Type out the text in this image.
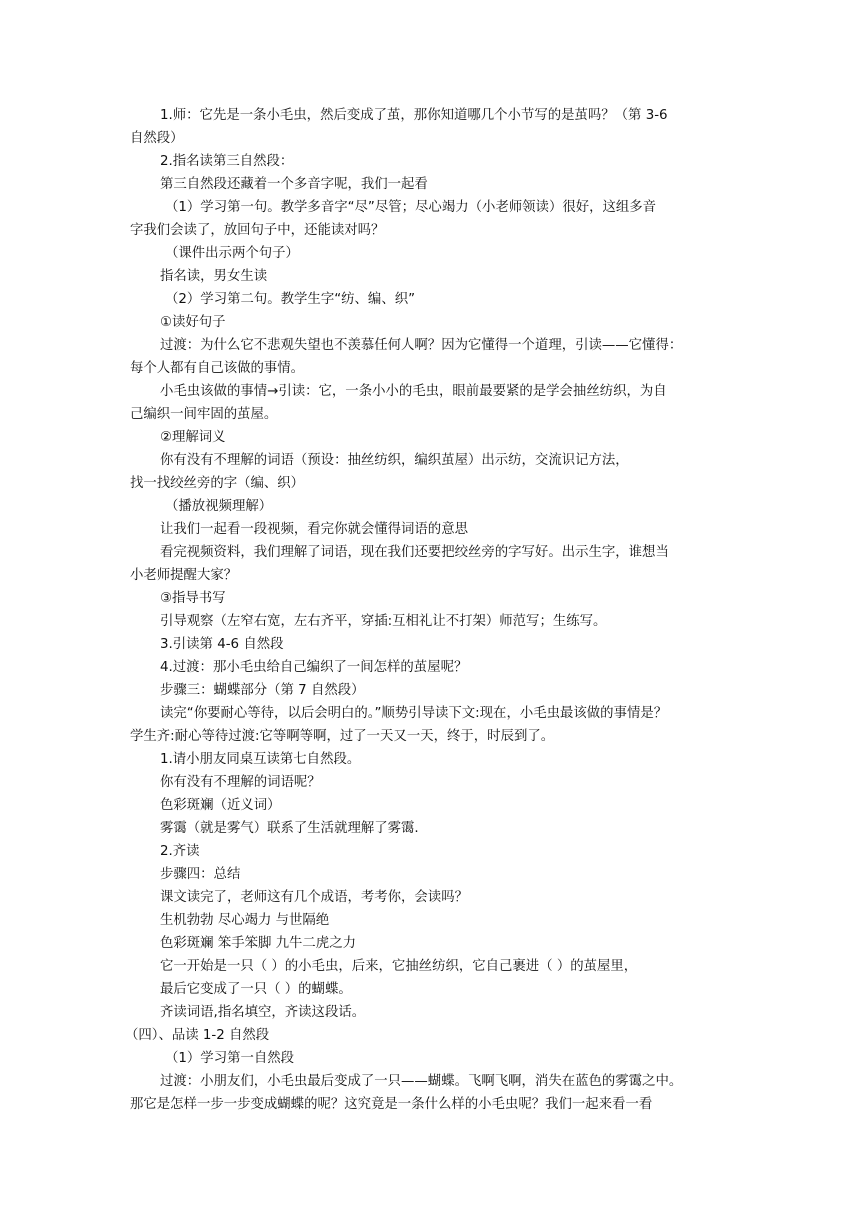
1.师：它先是一条小毛虫，然后变成了茧，那你知道哪几个小节写的是茧吗？（第 3-6
自然段）
2.指名读第三自然段：
第三自然段还藏着一个多音字呢，我们一起看
（1）学习第一句。教学多音字“尽”尽管；尽心竭力（小老师领读）很好，这组多音
字我们会读了，放回句子中，还能读对吗？
（课件出示两个句子）
指名读，男女生读
（2）学习第二句。教学生字“纺、编、织”
①读好句子
过渡：为什么它不悲观失望也不羡慕任何人啊？因为它懂得一个道理，引读——它懂得：
每个人都有自己该做的事情。
小毛虫该做的事情→引读：它，一条小小的毛虫，眼前最要紧的是学会抽丝纺织，为自
己编织一间牢固的茧屋。
②理解词义
你有没有不理解的词语（预设：抽丝纺织，编织茧屋）出示纺，交流识记方法，
找一找绞丝旁的字（编、织）
（播放视频理解）
让我们一起看一段视频，看完你就会懂得词语的意思
看完视频资料，我们理解了词语，现在我们还要把绞丝旁的字写好。出示生字，谁想当
小老师提醒大家？
③指导书写
引导观察（左窄右宽，左右齐平，穿插:互相礼让不打架）师范写；生练写。
3.引读第 4-6 自然段
4.过渡：那小毛虫给自己编织了一间怎样的茧屋呢？
步骤三：蝴蝶部分（第 7 自然段）
读完“你要耐心等待，以后会明白的。”顺势引导读下文:现在，小毛虫最该做的事情是？
学生齐:耐心等待过渡:它等啊等啊，过了一天又一天，终于，时辰到了。
1.请小朋友同桌互读第七自然段。
你有没有不理解的词语呢？
色彩斑斓（近义词）
雾霭（就是雾气）联系了生活就理解了雾霭.
2.齐读
步骤四：总结
课文读完了，老师这有几个成语，考考你，会读吗？
生机勃勃 尽心竭力 与世隔绝
色彩斑斓 笨手笨脚 九牛二虎之力
它一开始是一只（ ）的小毛虫，后来，它抽丝纺织，它自己裹进（ ）的茧屋里，
最后它变成了一只（ ）的蝴蝶。
齐读词语,指名填空，齐读这段话。
（四）、品读 1-2 自然段
（1）学习第一自然段
过渡：小朋友们，小毛虫最后变成了一只——蝴蝶。飞啊飞啊，消失在蓝色的雾霭之中。
那它是怎样一步一步变成蝴蝶的呢？这究竟是一条什么样的小毛虫呢？我们一起来看一看
